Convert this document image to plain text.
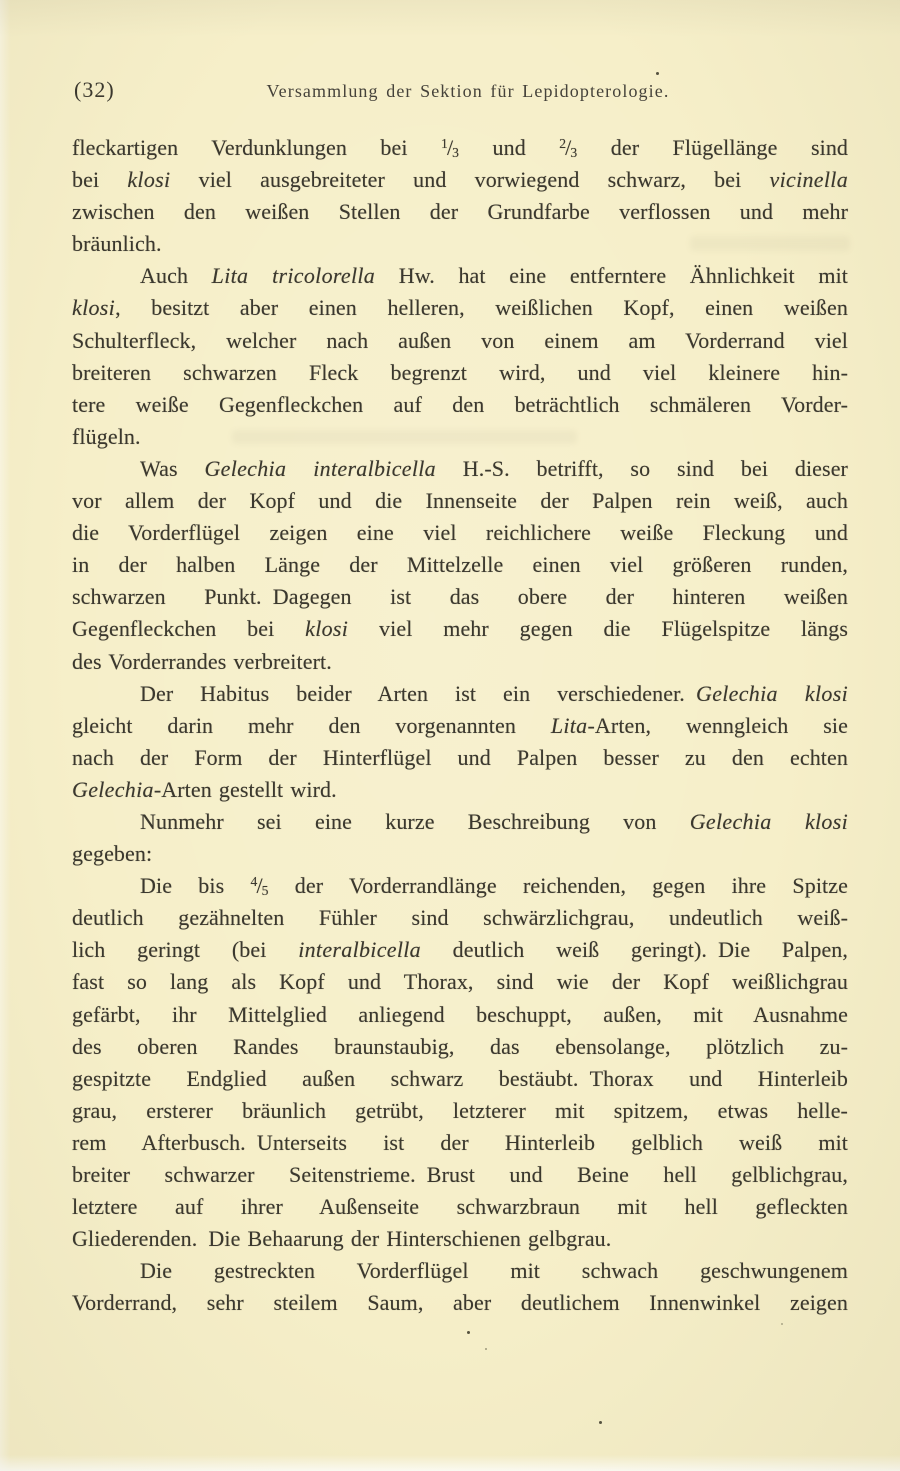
(32)	Versammlung der Sektion für Lepidopterologie.
fleckartigen Verdunklungen bei $^1/_3$ und $^2/_3$ der Flügellänge sind
bei klosi viel ausgebreiteter und vorwiegend schwarz, bei vicinella
zwischen den weißen Stellen der Grundfarbe verflossen und mehr
bräunlich.
Auch Lita tricolorella Hw. hat eine entferntere Ähnlichkeit mit
klosi, besitzt aber einen helleren, weißlichen Kopf, einen weißen
Schulterfleck, welcher nach außen von einem am Vorderrand viel
breiteren schwarzen Fleck begrenzt wird, und viel kleinere hin-
tere weiße Gegenfleckchen auf den beträchtlich schmäleren Vorder-
flügeln.
Was Gelechia interalbicella H.-S. betrifft, so sind bei dieser
vor allem der Kopf und die Innenseite der Palpen rein weiß, auch
die Vorderflügel zeigen eine viel reichlichere weiße Fleckung und
in der halben Länge der Mittelzelle einen viel größeren runden,
schwarzen Punkt. Dagegen ist das obere der hinteren weißen
Gegenfleckchen bei klosi viel mehr gegen die Flügelspitze längs
des Vorderrandes verbreitert.
Der Habitus beider Arten ist ein verschiedener. Gelechia klosi
gleicht darin mehr den vorgenannten Lita-Arten, wenngleich sie
nach der Form der Hinterflügel und Palpen besser zu den echten
Gelechia-Arten gestellt wird.
Nunmehr sei eine kurze Beschreibung von Gelechia klosi
gegeben:
Die bis $^4/_5$ der Vorderrandlänge reichenden, gegen ihre Spitze
deutlich gezähnelten Fühler sind schwärzlichgrau, undeutlich weiß-
lich geringt (bei interalbicella deutlich weiß geringt). Die Palpen,
fast so lang als Kopf und Thorax, sind wie der Kopf weißlichgrau
gefärbt, ihr Mittelglied anliegend beschuppt, außen, mit Ausnahme
des oberen Randes braunstaubig, das ebensolange, plötzlich zu-
gespitzte Endglied außen schwarz bestäubt. Thorax und Hinterleib
grau, ersterer bräunlich getrübt, letzterer mit spitzem, etwas helle-
rem Afterbusch. Unterseits ist der Hinterleib gelblich weiß mit
breiter schwarzer Seitenstrieme. Brust und Beine hell gelblichgrau,
letztere auf ihrer Außenseite schwarzbraun mit hell gefleckten
Gliederenden. Die Behaarung der Hinterschienen gelbgrau.
Die gestreckten Vorderflügel mit schwach geschwungenem
Vorderrand, sehr steilem Saum, aber deutlichem Innenwinkel zeigen
